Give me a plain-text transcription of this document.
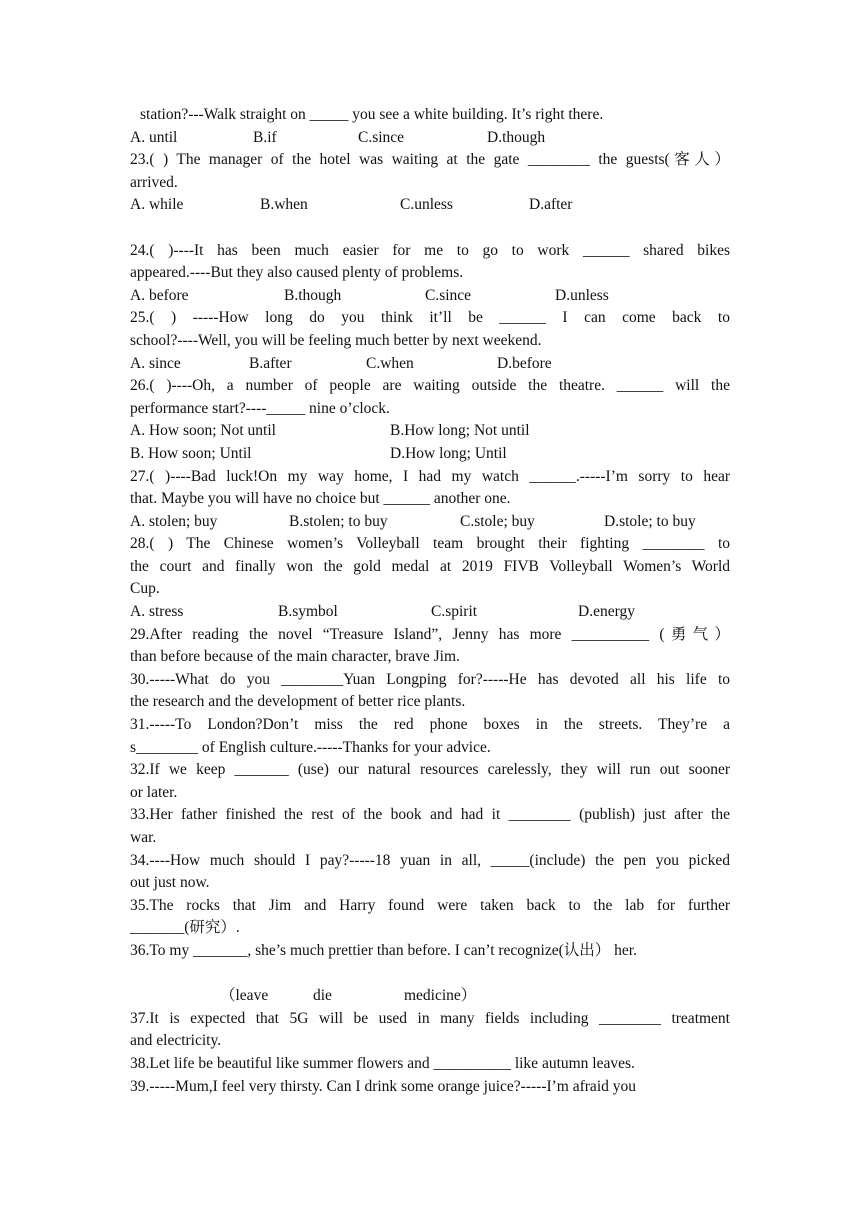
station?---Walk straight on _____ you see a white building. It’s right there.
A. until	B.if	C.since	D.though
23.( ) The manager of the hotel was waiting at the gate ________ the guests(客人）
arrived.
A. while	B.when	C.unless	D.after
24.( )----It has been much easier for me to go to work ______ shared bikes
appeared.----But they also caused plenty of problems.
A. before	B.though	C.since	D.unless
25.( ) -----How long do you think it’ll be ______ I can come back to
school?----Well, you will be feeling much better by next weekend.
A. since	B.after	C.when	D.before
26.( )----Oh, a number of people are waiting outside the theatre. ______ will the
performance start?----_____ nine o’clock.
A. How soon; Not until	B.How long; Not until
B. How soon; Until	D.How long; Until
27.( )----Bad luck!On my way home, I had my watch ______.-----I’m sorry to hear
that. Maybe you will have no choice but ______ another one.
A. stolen; buy	B.stolen; to buy	C.stole; buy	D.stole; to buy
28.( ) The Chinese women’s Volleyball team brought their fighting ________ to
the court and finally won the gold medal at 2019 FIVB Volleyball Women’s World
Cup.
A. stress	B.symbol	C.spirit	D.energy
29.After reading the novel “Treasure Island”, Jenny has more __________ (勇气）
than before because of the main character, brave Jim.
30.-----What do you ________Yuan Longping for?-----He has devoted all his life to
the research and the development of better rice plants.
31.-----To London?Don’t miss the red phone boxes in the streets. They’re a
s________ of English culture.-----Thanks for your advice.
32.If we keep _______ (use) our natural resources carelessly, they will run out sooner
or later.
33.Her father finished the rest of the book and had it ________ (publish) just after the
war.
34.----How much should I pay?-----18 yuan in all, _____(include) the pen you picked
out just now.
35.The rocks that Jim and Harry found were taken back to the lab for further
_______(研究）.
36.To my _______, she’s much prettier than before. I can’t recognize(认出） her.
（leave	die	medicine）
37.It is expected that 5G will be used in many fields including ________ treatment
and electricity.
38.Let life be beautiful like summer flowers and __________ like autumn leaves.
39.-----Mum,I feel very thirsty. Can I drink some orange juice?-----I’m afraid you
